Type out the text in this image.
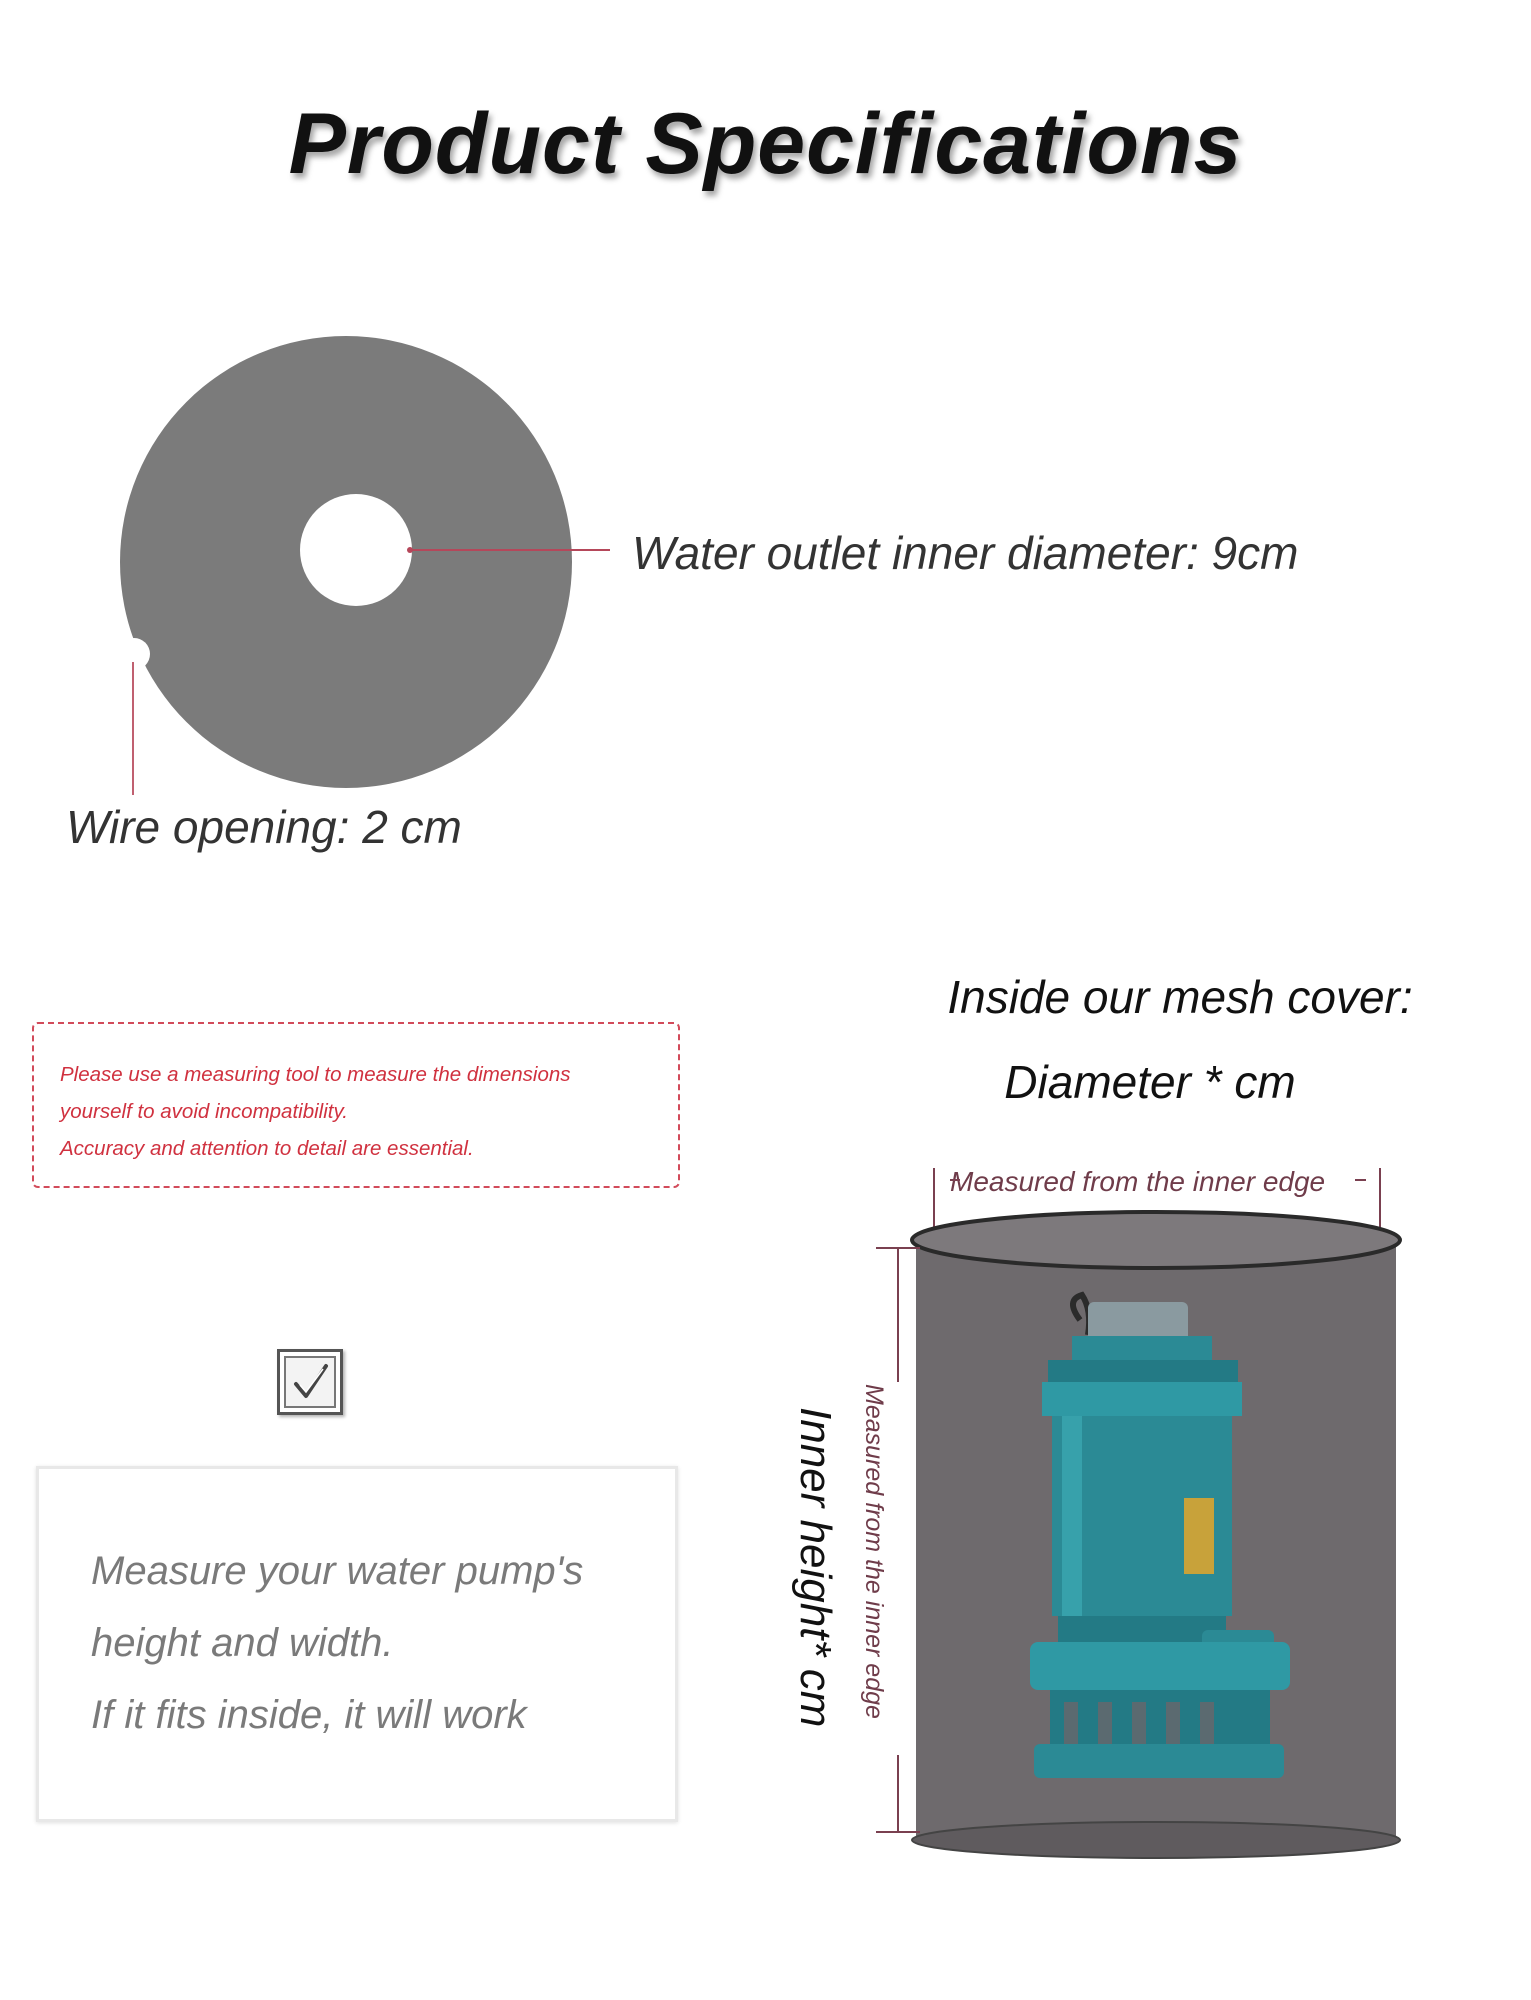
Product Specifications
Water outlet inner diameter: 9cm
Wire opening: 2 cm
Please use a measuring tool to measure the dimensions
yourself to avoid incompatibility.
Accuracy and attention to detail are essential.
Measure your water pump's
height and width.
If it fits inside, it will work
Inside our mesh cover:
Diameter * cm
Measured from the inner edge
Inner height* cm Measured from the inner edge
